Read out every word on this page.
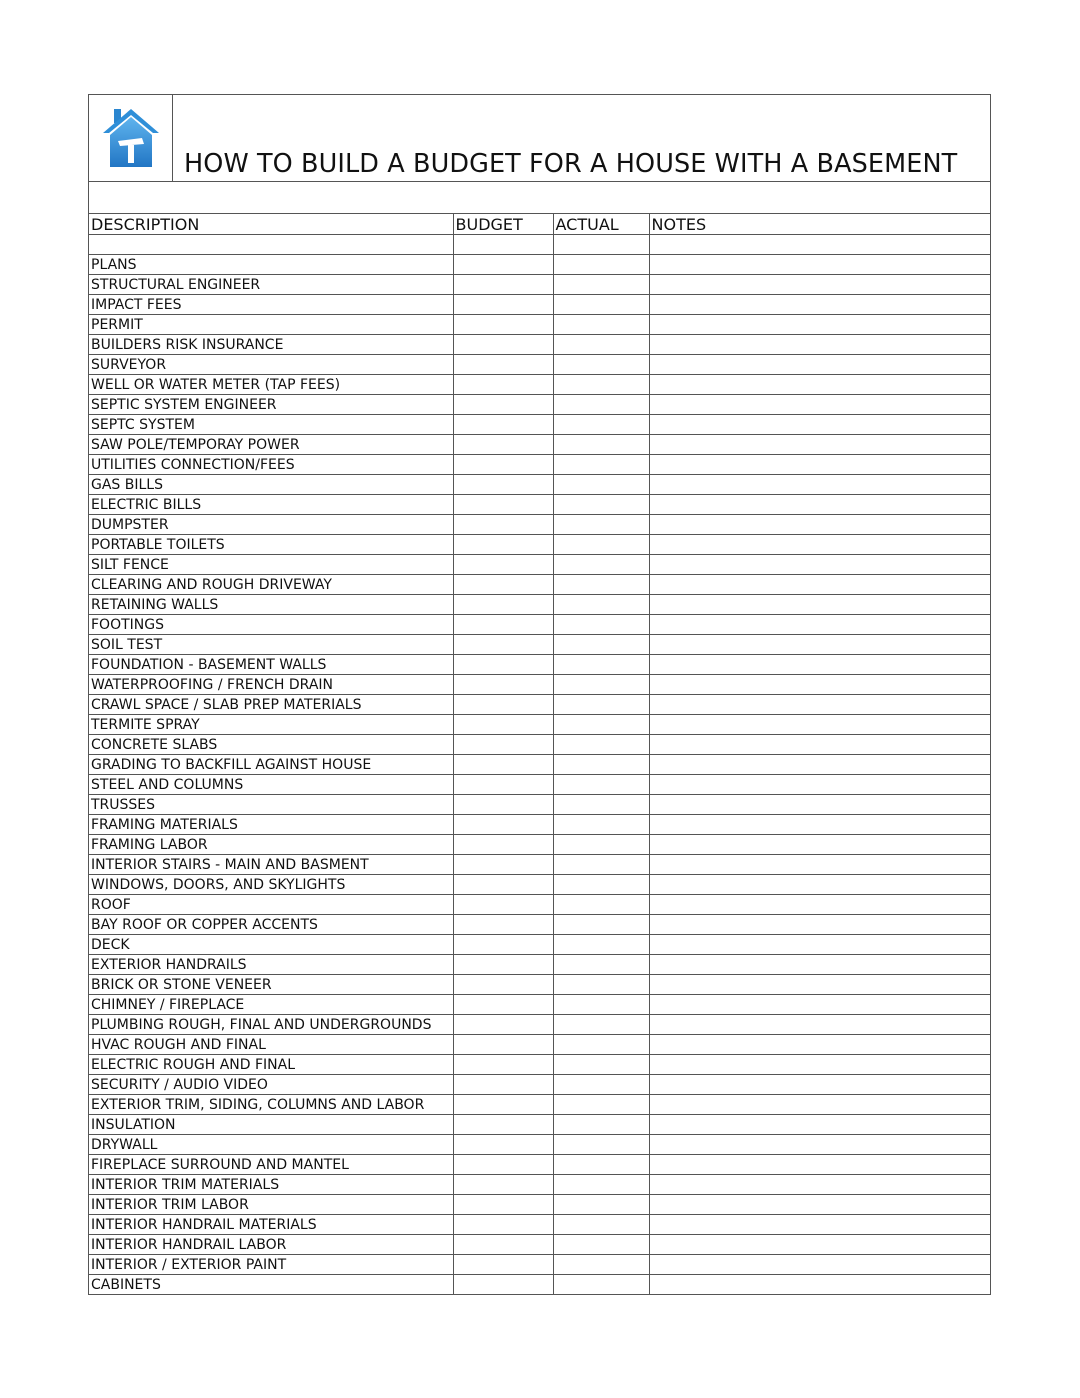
HOW TO BUILD A BUDGET FOR A HOUSE WITH A BASEMENT
DESCRIPTION	BUDGET	ACTUAL	NOTES

PLANS			
STRUCTURAL ENGINEER			
IMPACT FEES			
PERMIT			
BUILDERS RISK INSURANCE			
SURVEYOR			
WELL OR WATER METER (TAP FEES)			
SEPTIC SYSTEM ENGINEER			
SEPTC SYSTEM			
SAW POLE/TEMPORAY POWER			
UTILITIES CONNECTION/FEES			
GAS BILLS			
ELECTRIC BILLS			
DUMPSTER			
PORTABLE TOILETS			
SILT FENCE			
CLEARING AND ROUGH DRIVEWAY			
RETAINING WALLS			
FOOTINGS			
SOIL TEST			
FOUNDATION - BASEMENT WALLS			
WATERPROOFING / FRENCH DRAIN			
CRAWL SPACE / SLAB PREP MATERIALS			
TERMITE SPRAY			
CONCRETE SLABS			
GRADING TO BACKFILL AGAINST HOUSE			
STEEL AND COLUMNS			
TRUSSES			
FRAMING MATERIALS			
FRAMING LABOR			
INTERIOR STAIRS - MAIN AND BASMENT			
WINDOWS, DOORS, AND SKYLIGHTS			
ROOF			
BAY ROOF OR COPPER ACCENTS			
DECK			
EXTERIOR HANDRAILS			
BRICK OR STONE VENEER			
CHIMNEY / FIREPLACE			
PLUMBING ROUGH, FINAL AND UNDERGROUNDS			
HVAC ROUGH AND FINAL			
ELECTRIC ROUGH AND FINAL			
SECURITY / AUDIO VIDEO			
EXTERIOR TRIM, SIDING, COLUMNS AND LABOR			
INSULATION			
DRYWALL			
FIREPLACE SURROUND AND MANTEL			
INTERIOR TRIM MATERIALS			
INTERIOR TRIM LABOR			
INTERIOR HANDRAIL MATERIALS			
INTERIOR HANDRAIL LABOR			
INTERIOR / EXTERIOR PAINT			
CABINETS			
